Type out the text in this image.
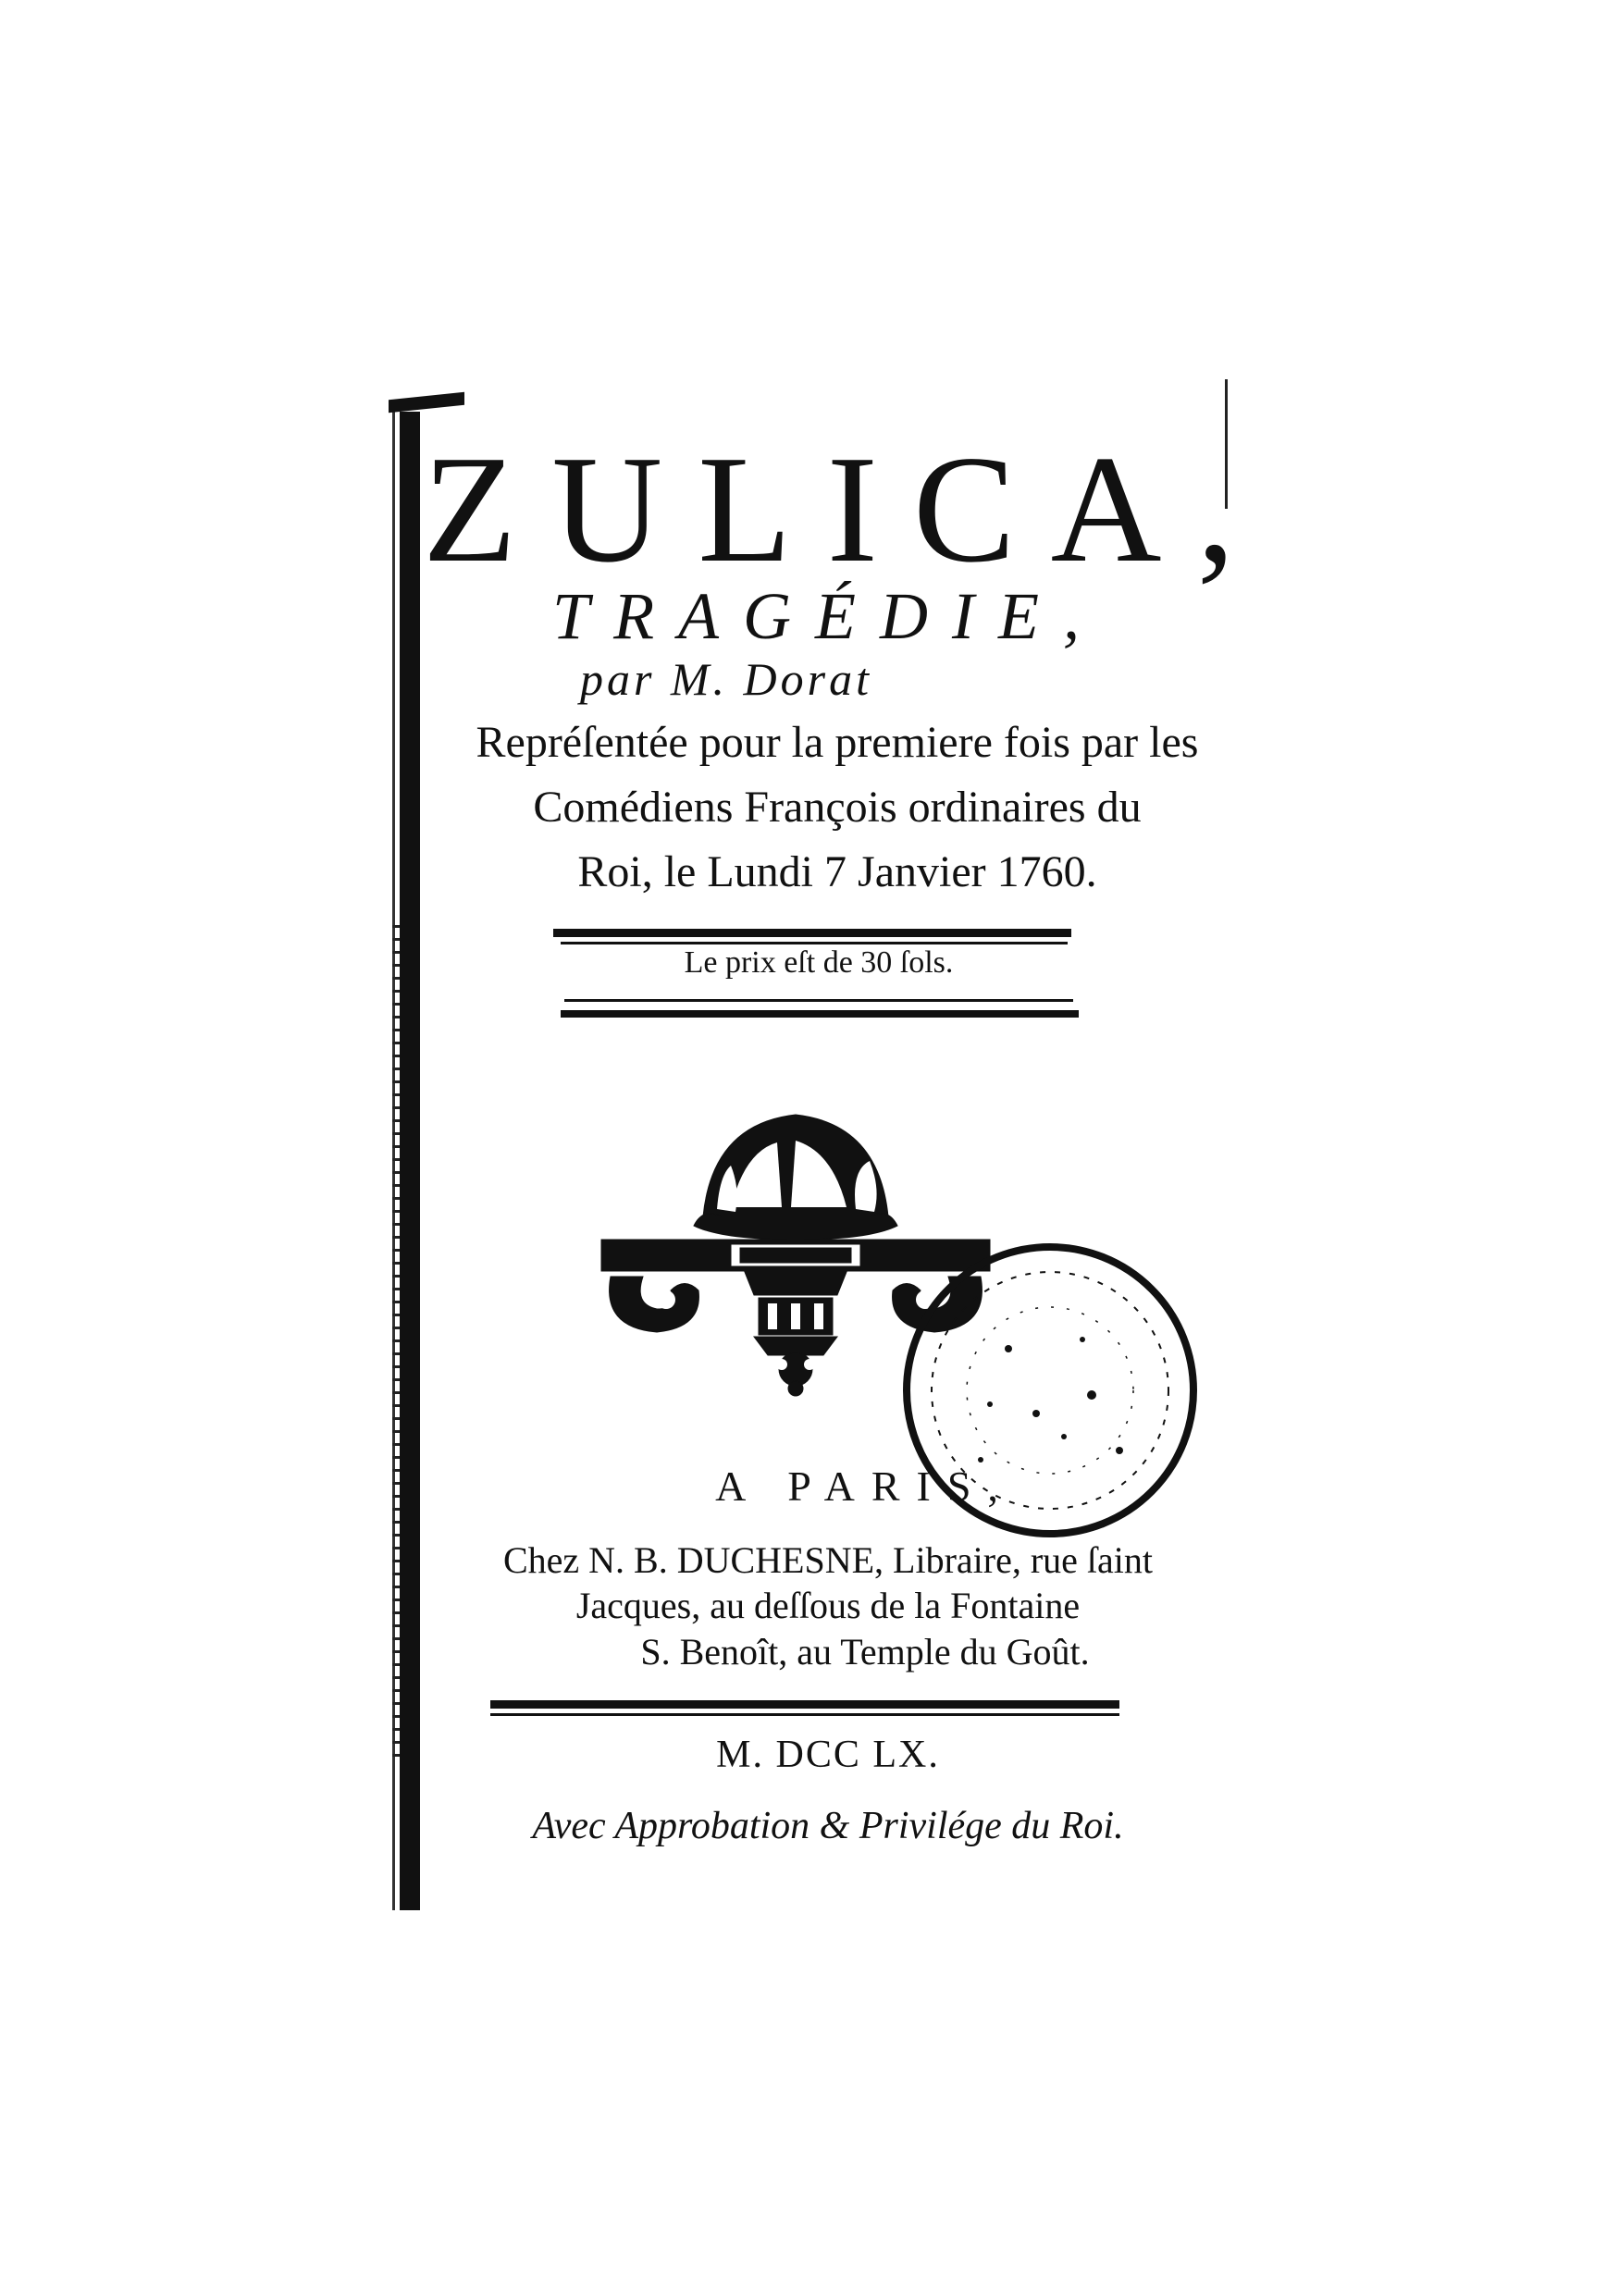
ZULICA,
TRAGÉDIE,
par M. Dorat
Repréſentée pour la premiere fois par les
Comédiens François ordinaires du
Roi, le Lundi 7 Janvier 1760.
Le prix eſt de 30 ſols.
A PARIS,
Chez N. B. DUCHESNE, Libraire, rue ſaint
Jacques, au deſſous de la Fontaine
S. Benoît, au Temple du Goût.
M. DCC LX.
Avec Approbation & Privilége du Roi.
